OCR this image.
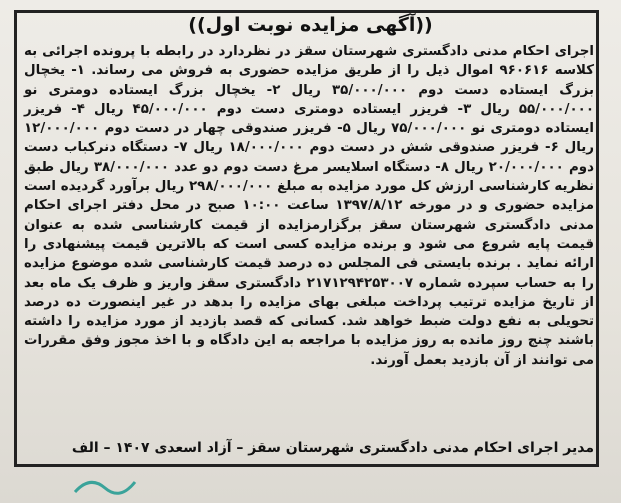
((آگهی مزایده نوبت اول))
اجرای احکام مدنی دادگستری شهرستان سقز در نظردارد در رابطه با پرونده اجرائی به کلاسه ۹۶۰۶۱۶ اموال ذیل را از طریق مزایده حضوری به فروش می رساند. ۱- یخچال بزرگ ایستاده دست دوم ۳۵/۰۰۰/۰۰۰ ریال ۲- یخچال بزرگ ایستاده دومتری نو ۵۵/۰۰۰/۰۰۰ ریال ۳- فریزر ایستاده دومتری دست دوم ۴۵/۰۰۰/۰۰۰ ریال ۴- فریزر ایستاده دومتری نو ۷۵/۰۰۰/۰۰۰ ریال ۵- فریزر صندوقی چهار در دست دوم ۱۲/۰۰۰/۰۰۰ ریال ۶- فریزر صندوقی شش در دست دوم ۱۸/۰۰۰/۰۰۰ ریال ۷- دستگاه دنرکباب دست دوم ۲۰/۰۰۰/۰۰۰ ریال ۸- دستگاه اسلایسر مرغ دست دوم دو عدد ۳۸/۰۰۰/۰۰۰ ریال طبق نظریه کارشناسی ارزش کل مورد مزایده به مبلغ ۲۹۸/۰۰۰/۰۰۰ ریال برآورد گردیده است مزایده حضوری و در مورخه ۱۳۹۷/۸/۱۲ ساعت ۱۰:۰۰ صبح در محل دفتر اجرای احکام مدنی دادگستری شهرستان سقز برگزارمزایده از قیمت کارشناسی شده به عنوان قیمت پایه شروع می شود و برنده مزایده کسی است که بالاترین قیمت پیشنهادی را ارائه نماید . برنده بایستی فی المجلس ده درصد قیمت کارشناسی شده موضوع مزایده را به حساب سپرده شماره ۲۱۷۱۲۹۴۲۵۳۰۰۷ دادگستری سقز واریز و ظرف یک ماه بعد از تاریخ مزایده ترتیب پرداخت مبلغی بهای مزایده را بدهد در غیر اینصورت ده درصد تحویلی به نفع دولت ضبط خواهد شد. کسانی که قصد بازدید از مورد مزایده را داشته باشند چنج روز مانده به روز مزایده با مراجعه به این دادگاه و با اخذ مجوز وفق مقررات می توانند از آن بازدید بعمل آورند.
مدیر اجرای احکام مدنی دادگستری شهرستان سقز – آزاد اسعدی ۱۴۰۷ – الف
